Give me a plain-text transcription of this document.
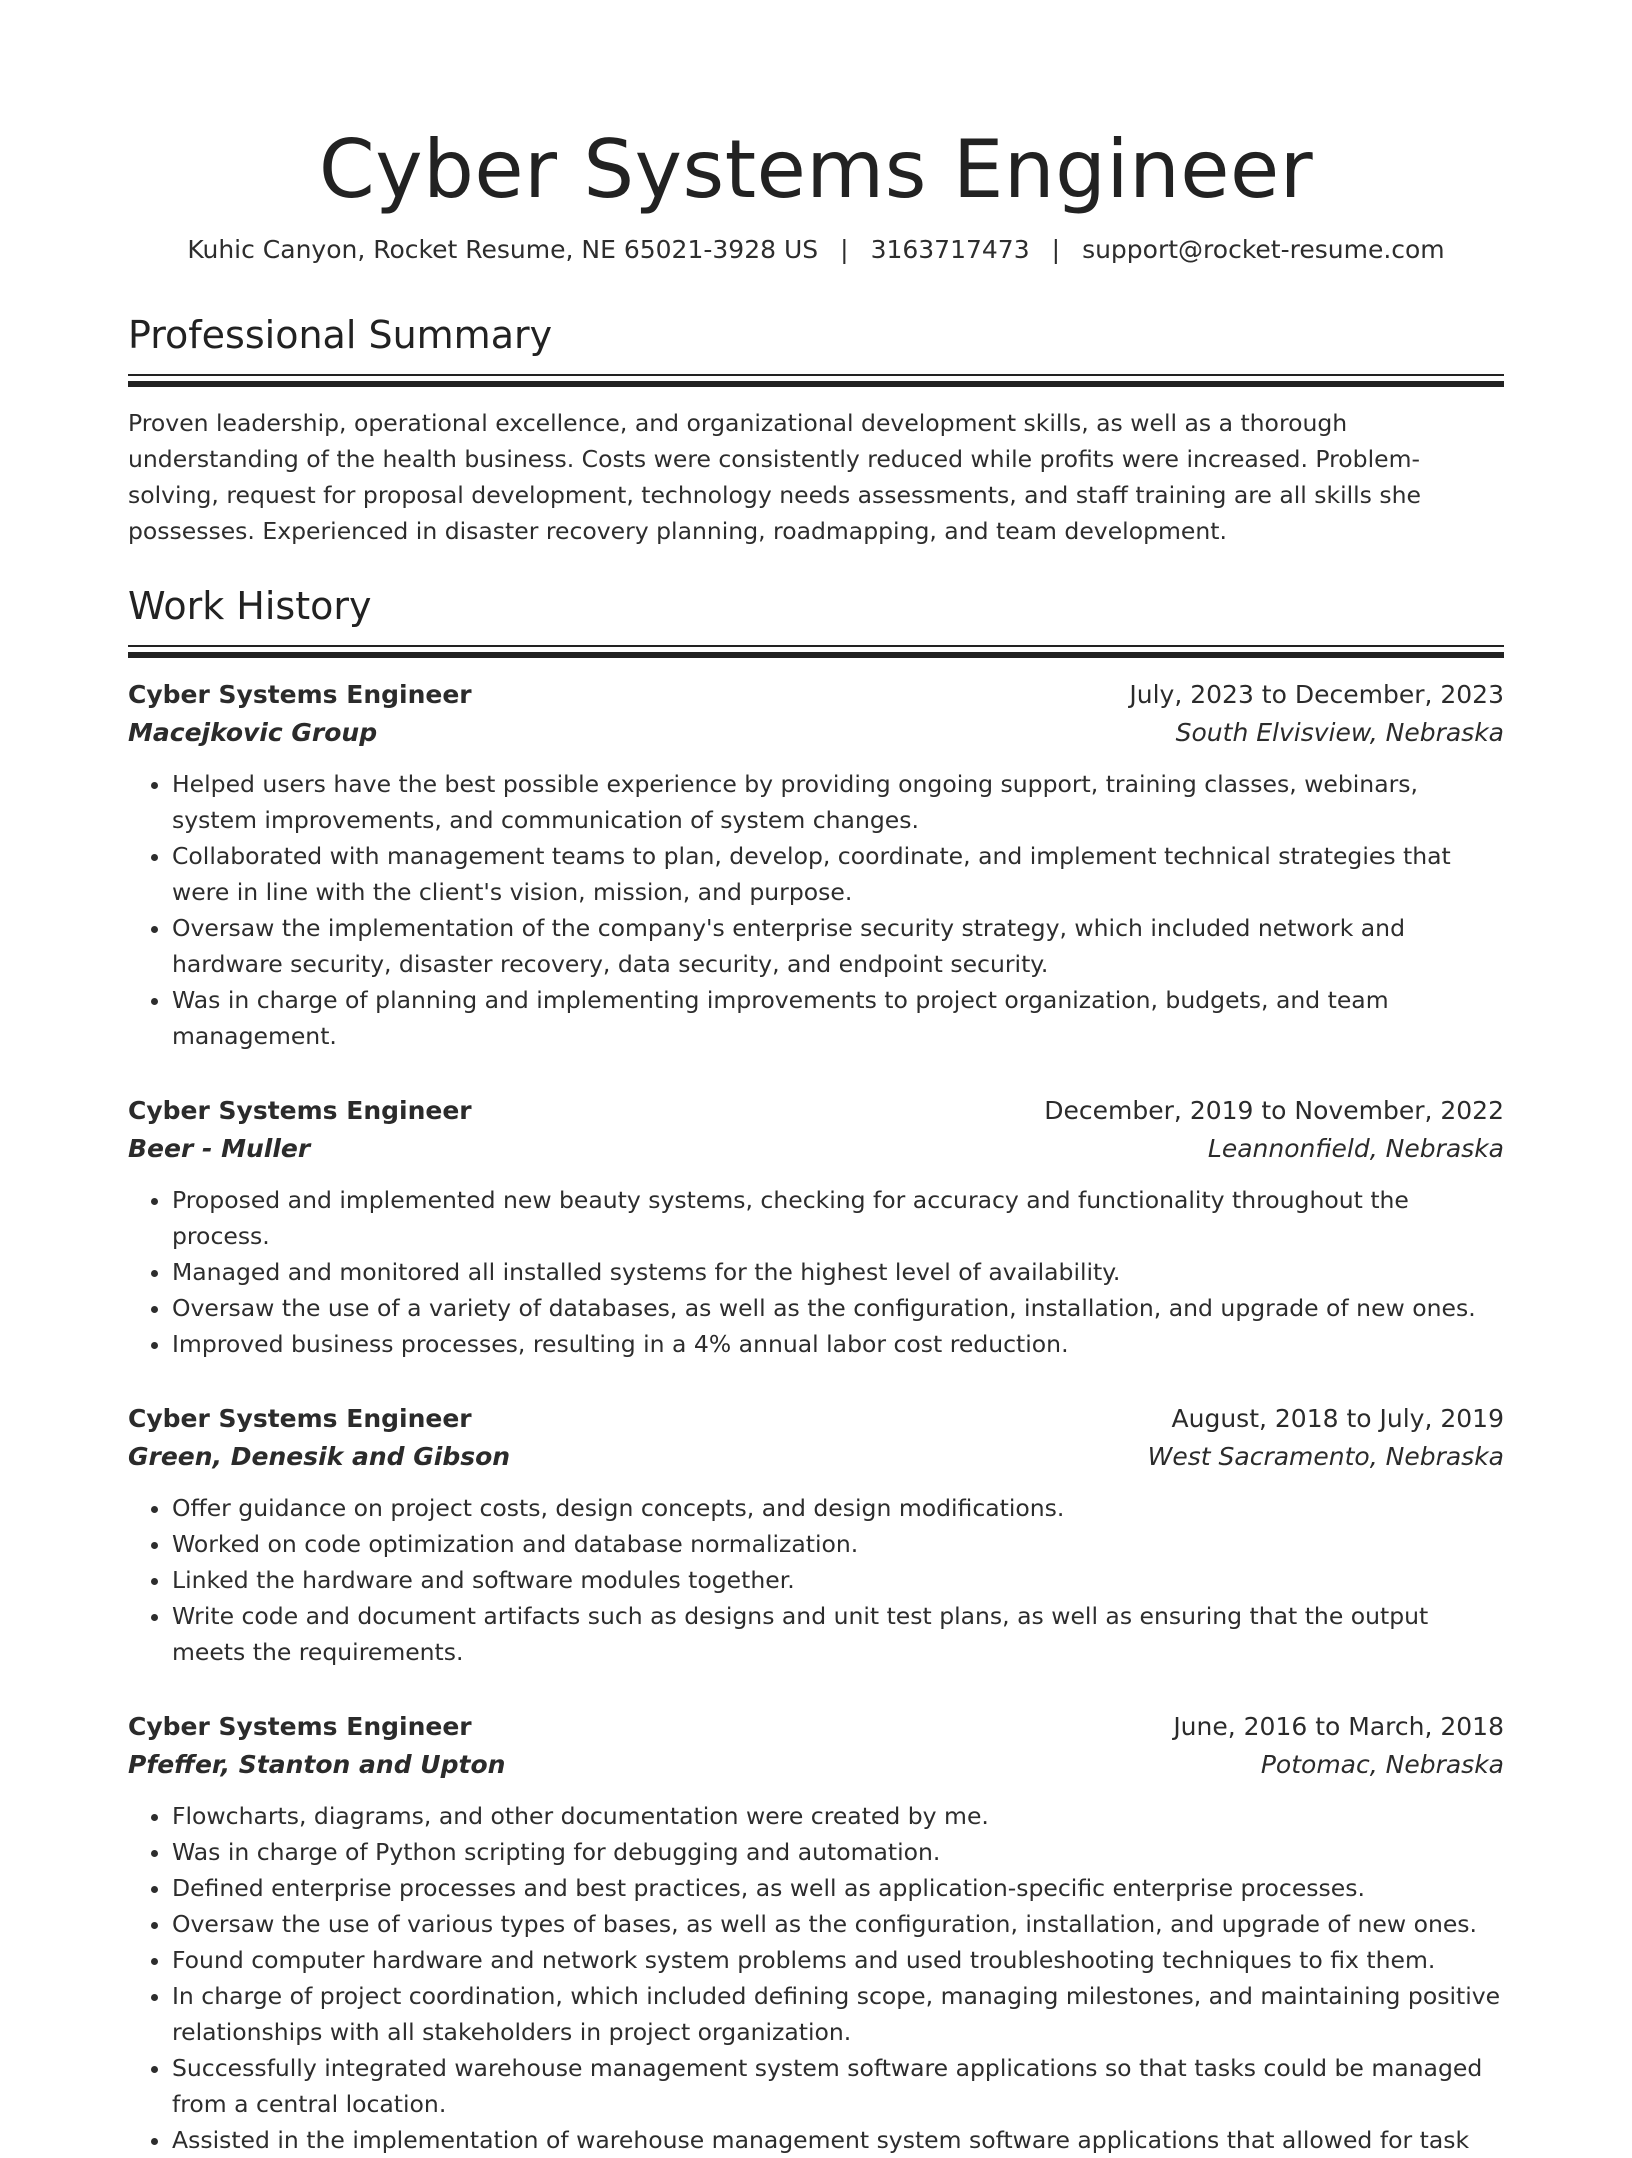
Cyber Systems Engineer
Kuhic Canyon, Rocket Resume, NE 65021-3928 US | 3163717473 | support@rocket-resume.com
Professional Summary

Proven leadership, operational excellence, and organizational development skills, as well as a thorough understanding of the health business. Costs were consistently reduced while profits were increased. Problem-solving, request for proposal development, technology needs assessments, and staff training are all skills she possesses. Experienced in disaster recovery planning, roadmapping, and team development.

Work History
Cyber Systems Engineer	July, 2023 to December, 2023
Macejkovic Group	South Elvisview, Nebraska
• Helped users have the best possible experience by providing ongoing support, training classes, webinars, system improvements, and communication of system changes.
• Collaborated with management teams to plan, develop, coordinate, and implement technical strategies that were in line with the client's vision, mission, and purpose.
• Oversaw the implementation of the company's enterprise security strategy, which included network and hardware security, disaster recovery, data security, and endpoint security.
• Was in charge of planning and implementing improvements to project organization, budgets, and team management.
Cyber Systems Engineer	December, 2019 to November, 2022
Beer - Muller	Leannonfield, Nebraska
• Proposed and implemented new beauty systems, checking for accuracy and functionality throughout the process.
• Managed and monitored all installed systems for the highest level of availability.
• Oversaw the use of a variety of databases, as well as the configuration, installation, and upgrade of new ones.
• Improved business processes, resulting in a 4% annual labor cost reduction.
Cyber Systems Engineer	August, 2018 to July, 2019
Green, Denesik and Gibson	West Sacramento, Nebraska
• Offer guidance on project costs, design concepts, and design modifications.
• Worked on code optimization and database normalization.
• Linked the hardware and software modules together.
• Write code and document artifacts such as designs and unit test plans, as well as ensuring that the output meets the requirements.
Cyber Systems Engineer	June, 2016 to March, 2018
Pfeffer, Stanton and Upton	Potomac, Nebraska
• Flowcharts, diagrams, and other documentation were created by me.
• Was in charge of Python scripting for debugging and automation.
• Defined enterprise processes and best practices, as well as application-specific enterprise processes.
• Oversaw the use of various types of bases, as well as the configuration, installation, and upgrade of new ones.
• Found computer hardware and network system problems and used troubleshooting techniques to fix them.
• In charge of project coordination, which included defining scope, managing milestones, and maintaining positive relationships with all stakeholders in project organization.
• Successfully integrated warehouse management system software applications so that tasks could be managed from a central location.
• Assisted in the implementation of warehouse management system software applications that allowed for task
